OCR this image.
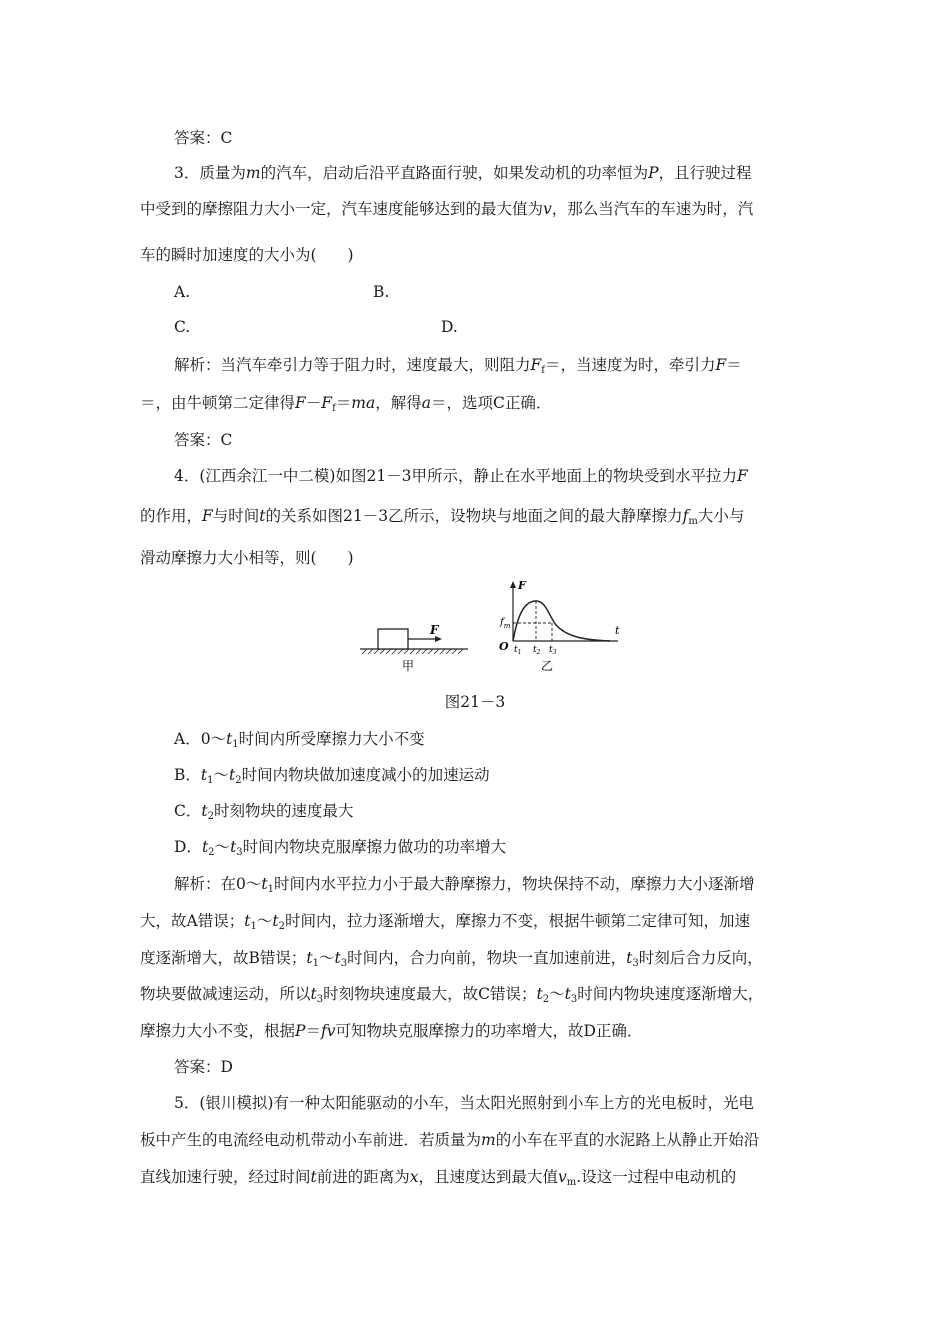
答案：C
3．质量为m的汽车，启动后沿平直路面行驶，如果发动机的功率恒为P，且行驶过程
中受到的摩擦阻力大小一定，汽车速度能够达到的最大值为v，那么当汽车的车速为时，汽
车的瞬时加速度的大小为(　　)
A.	B.
C.	D.
解析：当汽车牵引力等于阻力时，速度最大，则阻力$F_f=$，当速度为时，牵引力F＝
＝，由牛顿第二定律得$F-F_f=ma$，解得a＝，选项C正确．
答案：C
4．(江西余江一中二模)如图21－3甲所示，静止在水平地面上的物块受到水平拉力F
的作用，F与时间t的关系如图21－3乙所示，设物块与地面之间的最大静摩擦力$f_m$大小与
滑动摩擦力大小相等，则(　　)
F
甲
F
t
$f_m$
O $t_1$ $t_2$ $t_3$
乙
图21－3
A．$0\sim t_1$时间内所受摩擦力大小不变
B．$t_1\sim t_2$时间内物块做加速度减小的加速运动
C．$t_2$时刻物块的速度最大
D．$t_2\sim t_3$时间内物块克服摩擦力做功的功率增大
解析：在$0\sim t_1$时间内水平拉力小于最大静摩擦力，物块保持不动，摩擦力大小逐渐增
大，故A错误；$t_1\sim t_2$时间内，拉力逐渐增大，摩擦力不变，根据牛顿第二定律可知，加速
度逐渐增大，故B错误；$t_1\sim t_3$时间内，合力向前，物块一直加速前进，$t_3$时刻后合力反向，
物块要做减速运动，所以$t_3$时刻物块速度最大，故C错误；$t_2\sim t_3$时间内物块速度逐渐增大，
摩擦力大小不变，根据P＝fv可知物块克服摩擦力的功率增大，故D正确．
答案：D
5．(银川模拟)有一种太阳能驱动的小车，当太阳光照射到小车上方的光电板时，光电
板中产生的电流经电动机带动小车前进．若质量为m的小车在平直的水泥路上从静止开始沿
直线加速行驶，经过时间t前进的距离为x，且速度达到最大值$v_m$.设这一过程中电动机的
